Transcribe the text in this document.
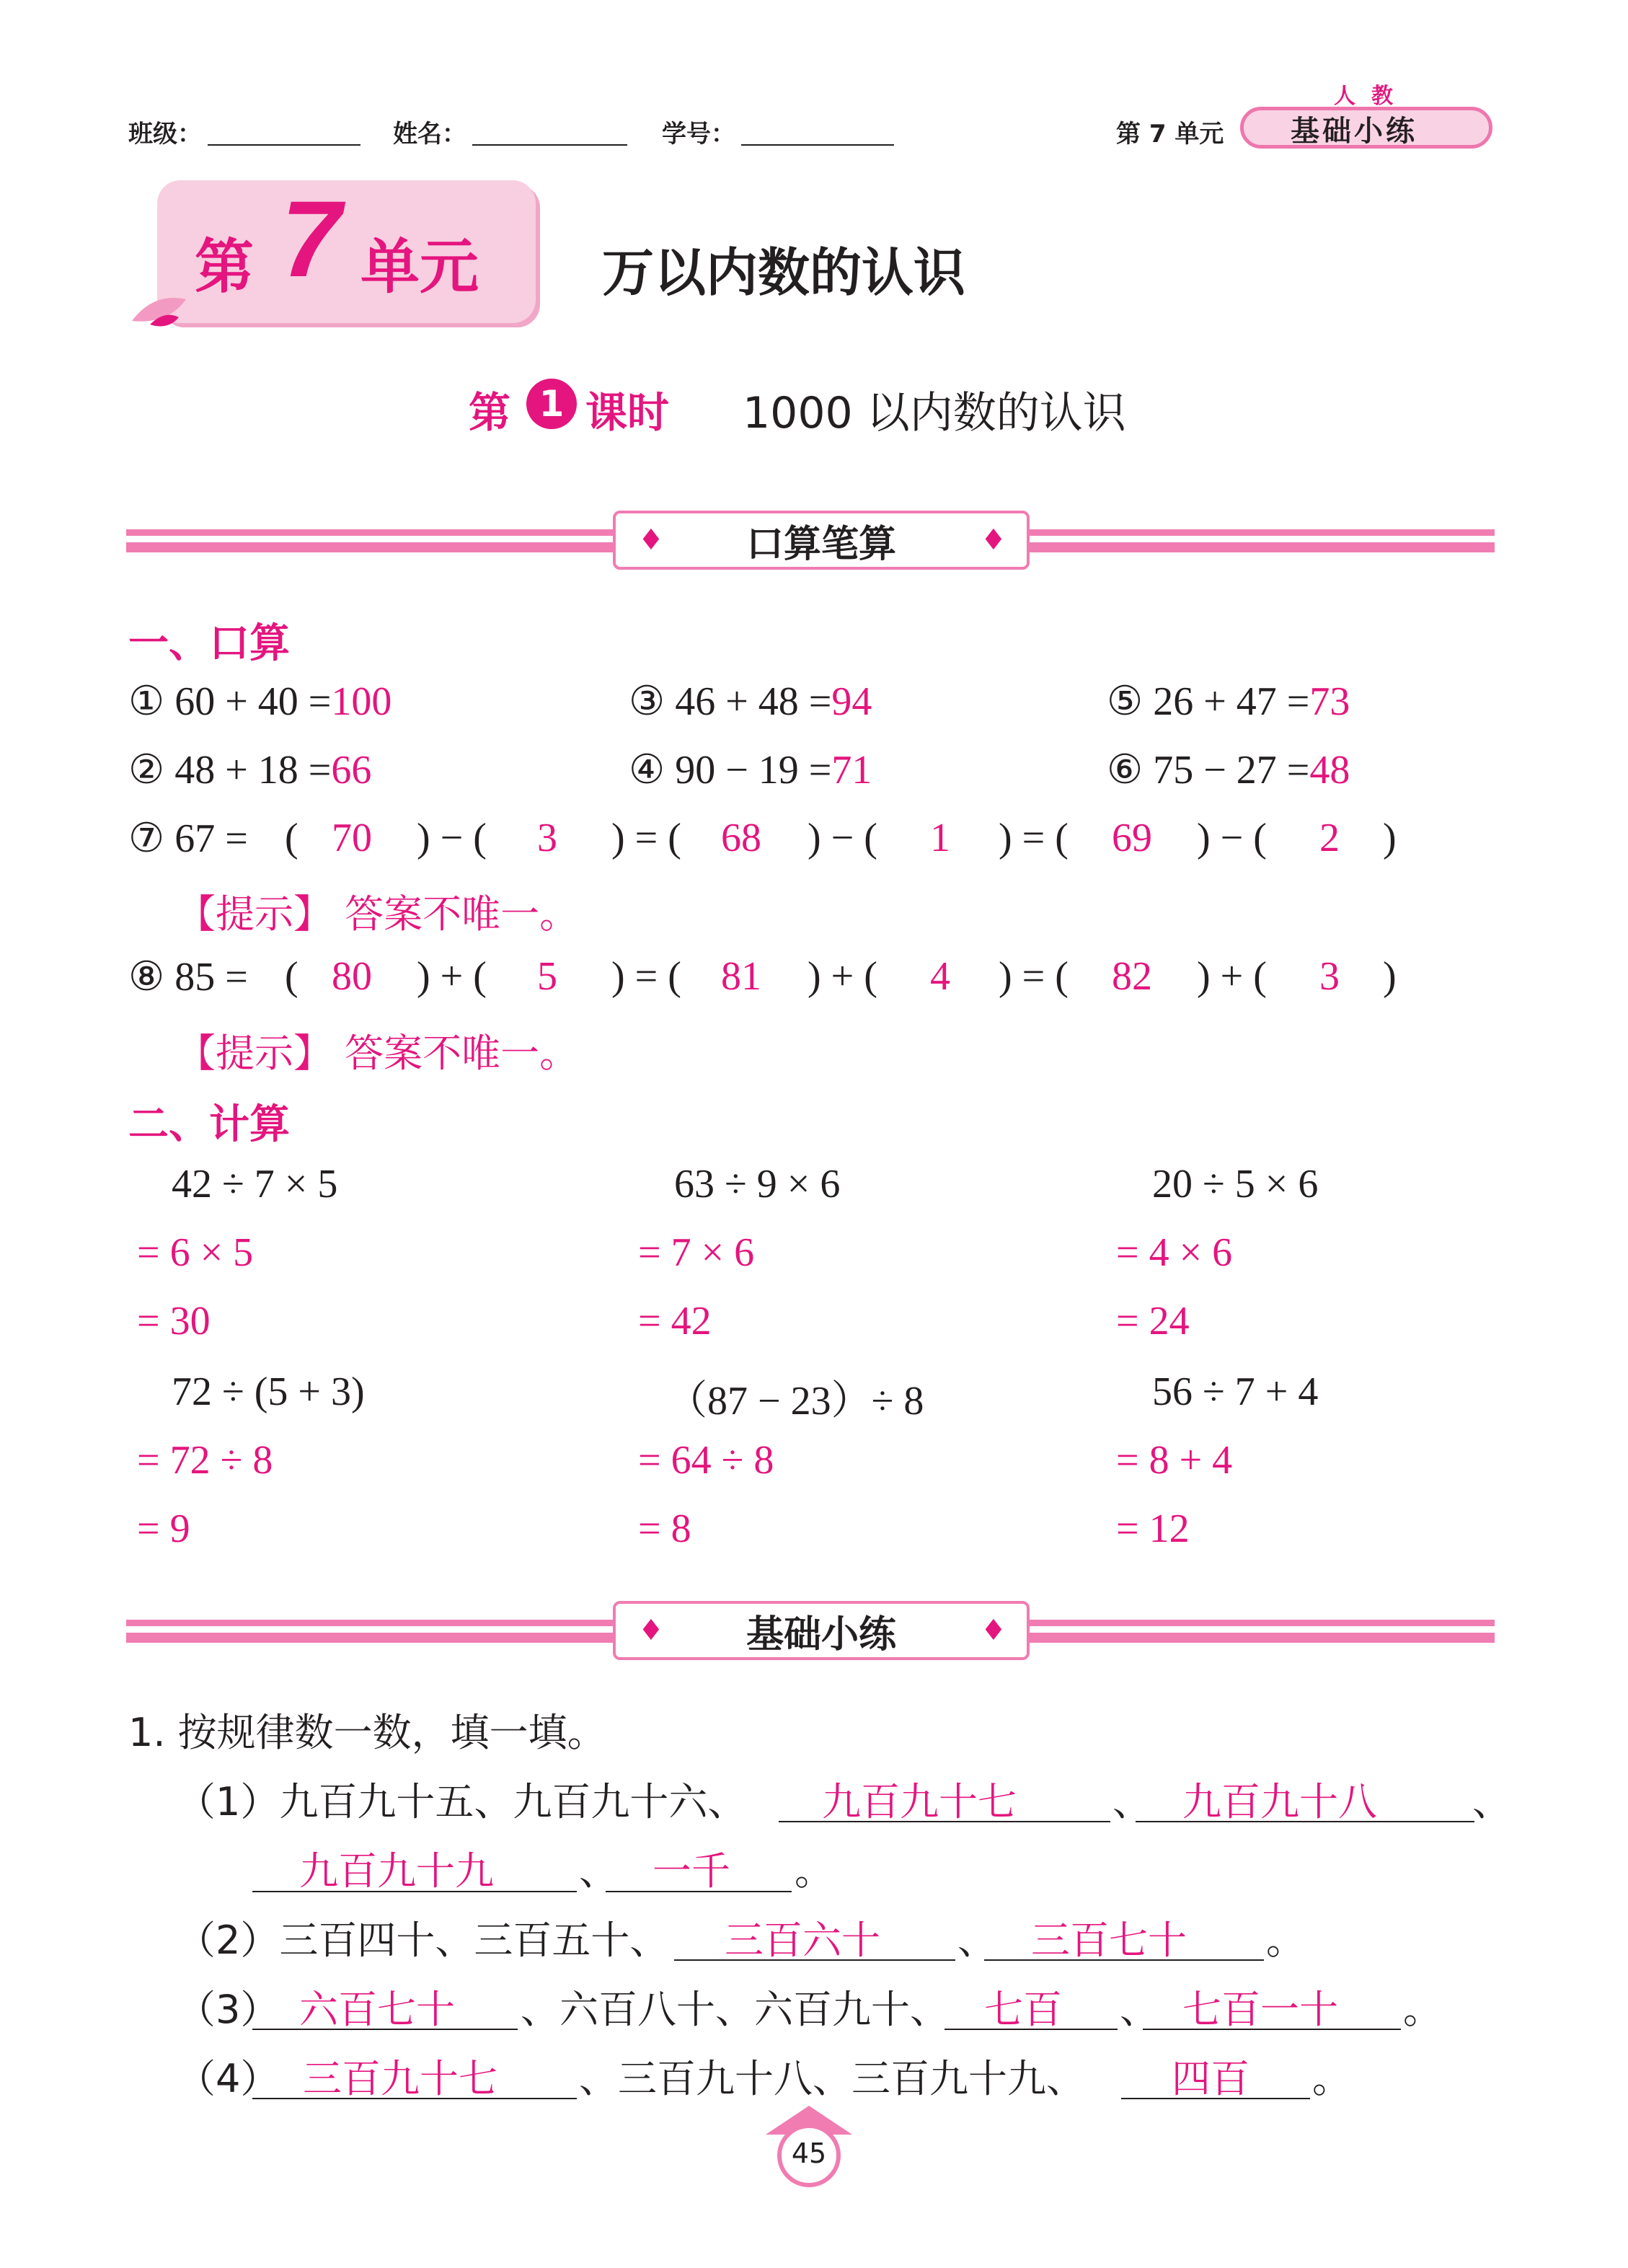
班级：	姓名：	学号：	第 7 单元
人教
基础小练
第 7 单元 万以内数的认识
第 1 课时 1000 以内数的认识
♦	♦
口算笔算
一、口算
① 60 + 40 =100	③ 46 + 48 =94	⑤ 26 + 47 =73
② 48 + 18 =66	④ 90 − 19 =71	⑥ 75 − 27 =48
⑦ 67 = ( 70 ) − ( 3 ) = ( 68 ) − ( 1 ) = ( 69 ) − ( 2 )
【提示】 答案不唯一。
⑧ 85 = ( 80 ) + ( 5 ) = ( 81 ) + ( 4 ) = ( 82 ) + ( 3 )
【提示】 答案不唯一。
二、计算
42 ÷ 7 × 5
= 6 × 5
= 30
63 ÷ 9 × 6
= 7 × 6
= 42
20 ÷ 5 × 6
= 4 × 6
= 24
72 ÷ (5 + 3)
= 72 ÷ 8
= 9
（87 − 23）÷ 8
= 64 ÷ 8
= 8
56 ÷ 7 + 4
= 8 + 4
= 12
♦	♦
基础小练
1. 按规律数一数，填一填。
（1）九百九十五、九百九十六、 九百九十七 、 九百九十八 、
九百九十九 、 一千 。
（2）三百四十、三百五十、 三百六十 、 三百七十 。
（3） 六百七十 、六百八十、六百九十、 七百 、 七百一十 。
（4） 三百九十七 、三百九十八、三百九十九、 四百 。
45
